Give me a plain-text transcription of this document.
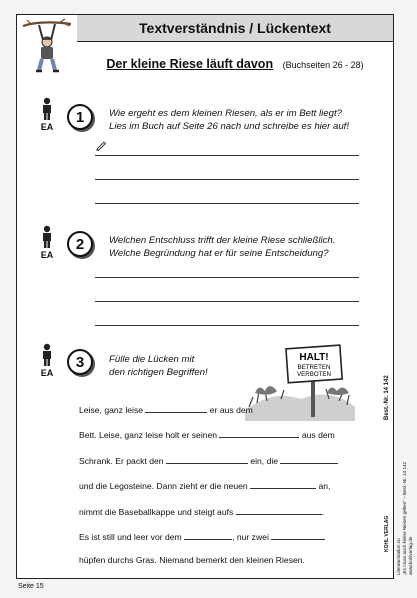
Textverständnis / Lückentext
Der kleine Riese läuft davon (Buchseiten 26 - 28)
EA
1	Wie ergeht es dem kleinen Riesen, als er im Bett liegt?
Lies im Buch auf Seite 26 nach und schreibe es hier auf!
EA
2	Welchen Entschluss trifft der kleine Riese schließlich.
Welche Begründung hat er für seine Entscheidung?
EA
3	Fülle die Lücken mit
den richtigen Begriffen!
HALT!
BETRETEN
VERBOTEN
Leise, ganz leise	er aus dem
Bett. Leise, ganz leise holt er seinen	aus dem
Schrank. Er packt den	ein, die
und die Legosteine. Dann zieht er die neuen	an,
nimmt die Baseballkappe und steigt aufs	.
Es ist still und leer vor dem	, nur zwei
hüpfen durchs Gras. Niemand bemerkt den kleinen Riesen.
Best.-Nr. 14 142
Literaturstation zu „Es muss auch kleine Riesen geben“ – Best.-Nr. 14 142 www.kohlverlag.de
KOHL VERLAG
Seite 15
